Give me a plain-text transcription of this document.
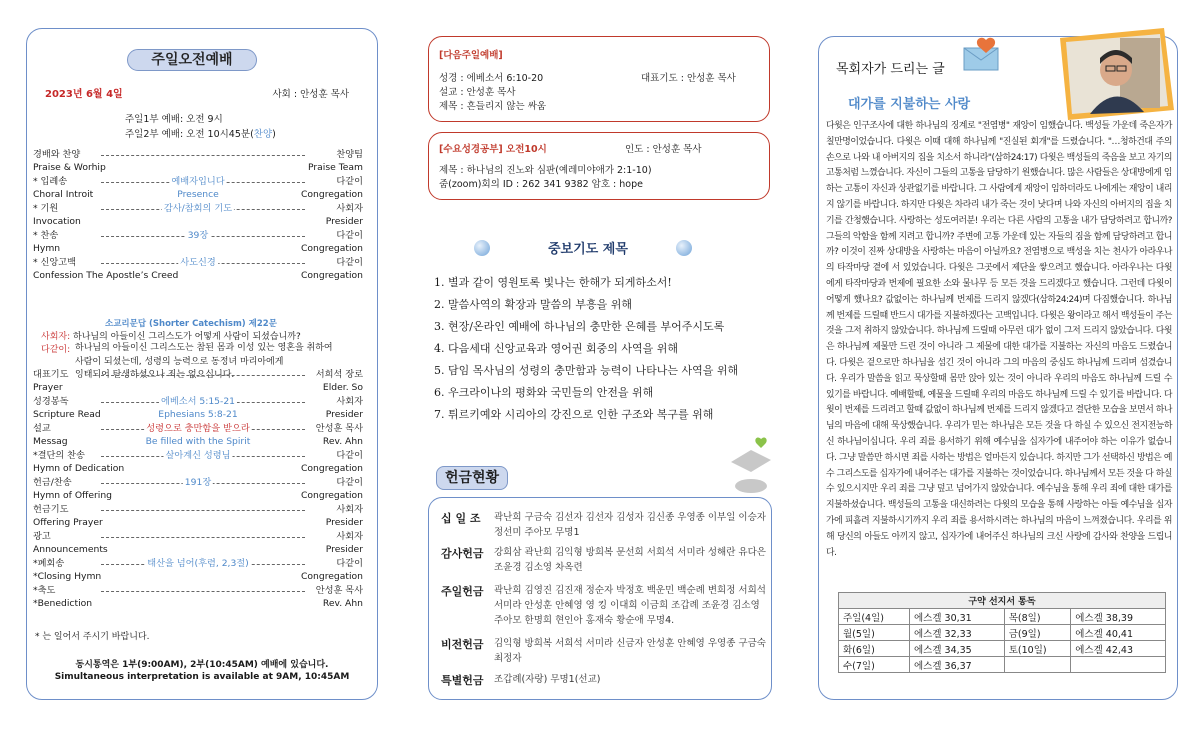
주일오전예배
2023년 6월 4일	사회 : 안성훈 목사
주일1부 예배: 오전 9시
주일2부 예배: 오전 10시45분(찬양)
경배와 찬양	찬양팀
Praise & Worhip	Praise Team
* 입례송	예배자입니다	다같이
Choral Introit	Presence	Congregation
* 기원	감사/참회의 기도	사회자
Invocation	Presider
* 찬송	39장	다같이
Hymn	Congregation
* 신앙고백	사도신경	다같이
Confession The Apostle’s Creed	Congregation
소교리문답 (Shorter Catechism) 제22문
사회자: 하나님의 아들이신 그리스도가 어떻게 사람이 되셨습니까?
다같이: 하나님의 아들이신 그리스도는 참된 몸과 이성 있는 영혼을 취하여
사람이 되셨는데, 성령의 능력으로 동정녀 마리아에게
잉태되어 탄생하셨으나 죄는 없으십니다.
대표기도	서희석 장로
Prayer	Elder. So
성경봉독	에베소서 5:15-21	사회자
Scripture Read	Ephesians 5:8-21	Presider
설교	성령으로 충만함을 받으라	안성훈 목사
Messag	Be filled with the Spirit	Rev. Ahn
*결단의 찬송	살아계신 성령님	다같이
Hymn of Dedication	Congregation
헌금/찬송	191장	다같이
Hymn of Offering	Congregation
헌금기도	사회자
Offering Prayer	Presider
광고	사회자
Announcements	Presider
*폐회송	태산을 넘어(후렴, 2,3절)	다같이
*Closing Hymn	Congregation
*축도	안성훈 목사
*Benediction	Rev. Ahn
* 는 일어서 주시기 바랍니다.
동시통역은 1부(9:00AM), 2부(10:45AM) 예배에 있습니다.
Simultaneous interpretation is available at 9AM, 10:45AM
[다음주일예배]
성경 : 에베소서 6:10-20	대표기도 : 안성훈 목사
설교 : 안성훈 목사
제목 : 흔들리지 않는 싸움
[수요성경공부] 오전10시	인도 : 안성훈 목사
제목 : 하나님의 진노와 심판(예레미야애가 2:1-10)
줌(zoom)회의 ID : 262 341 9382 암호 : hope
중보기도 제목
1. 별과 같이 영원토록 빛나는 한해가 되게하소서!
2. 말씀사역의 확장과 말씀의 부흥을 위해
3. 현장/온라인 예배에 하나님의 충만한 은혜를 부어주시도록
4. 다음세대 신앙교육과 영어권 회중의 사역을 위해
5. 담임 목사님의 성령의 충만함과 능력이 나타나는 사역을 위해
6. 우크라이나의 평화와 국민들의 안전을 위해
7. 튀르키예와 시리아의 강진으로 인한 구조와 복구를 위해
헌금현황
십 일 조 곽난희 구금숙 김선자 김선자 김성자 김신종 우영종 이부일 이승자 정선미 주아모 무명1
감사헌금 강희삼 곽난희 김익형 방희복 문선희 서희석 서미라 성해란 유다은 조윤경 김소영 차옥련
주일헌금 곽난희 김영진 김진재 정순자 박정호 백운민 백순례 변희정 서희석 서미라 안성훈 안혜영 영 킹 이대희 이금희 조갑례 조윤경 김소영 주아모 한명희 현인아 홍재숙 황순애 무명4.
비전헌금 김익형 방희복 서희석 서미라 신금자 안성훈 안혜영 우영종 구금숙 최정자
특별헌금 조갑례(자랑) 무명1(선교)
목회자가 드리는 글
대가를 지불하는 사랑

다윗은 인구조사에 대한 하나님의 징계로 "전염병" 재앙이 임했습니다. 백성들 가운데 죽은자가 칠만명이었습니다. 다윗은 이때 대해 하나님께 "진실된 회개"를 드렸습니다. "…청하건대 주의 손으로 나와 내 아버지의 집을 치소서 하니라"(삼하24:17) 다윗은 백성들의 죽음을 보고 자기의 고통처럼 느꼈습니다. 자신이 그들의 고통을 담당하기 원했습니다. 많은 사람들은 상대방에게 임하는 고통이 자신과 상관없기를 바랍니다. 그 사람에게 재앙이 임하더라도 나에게는 재앙이 내리지 않기를 바랍니다. 하지만 다윗은 차라리 내가 죽는 것이 낫다며 나와 자신의 아버지의 집을 치기를 간청했습니다. 사랑하는 성도여러분! 우리는 다른 사람의 고통을 내가 담당하려고 합니까? 그들의 악함을 함께 지려고 합니까? 주변에 고통 가운데 있는 자들의 짐을 함께 담당하려고 합니까? 이것이 진짜 상대방을 사랑하는 마음이 아닐까요? 전염병으로 백성을 치는 천사가 아라우나의 타작마당 곁에 서 있었습니다. 다윗은 그곳에서 제단을 쌓으려고 했습니다. 아라우나는 다윗에게 타작마당과 번제에 필요한 소와 물나무 등 모든 것을 드리겠다고 했습니다. 그런데 다윗이 어떻게 했나요? 값없이는 하나님께 번제를 드리지 않겠다(삼하24:24)며 다짐했습니다. 하나님께 번제를 드릴때 반드시 대가를 지불하겠다는 고백입니다. 다윗은 왕이라고 해서 백성들이 주는 것을 그저 취하지 않았습니다. 하나님께 드릴때 아무런 대가 없이 그저 드리지 않았습니다. 다윗은 하나님께 제물만 드린 것이 아니라 그 제물에 대한 대가를 지불하는 자신의 마음도 드렸습니다. 다윗은 겉으로만 하나님을 섬긴 것이 아니라 그의 마음의 중심도 하나님께 드리며 섬겼습니다. 우리가 말씀을 읽고 묵상할때 몸만 앉아 있는 것이 아니라 우리의 마음도 하나님께 드릴 수 있기를 바랍니다. 예배할때, 예물을 드릴때 우리의 마음도 하나님께 드릴 수 있기를 바랍니다. 다윗이 번제를 드리려고 할때 값없이 하나님께 번제를 드리지 않겠다고 결단한 모습을 보면서 하나님의 마음에 대해 묵상했습니다. 우리가 믿는 하나님은 모든 것을 다 하실 수 있으신 전지전능하신 하나님이십니다. 우리 죄를 용서하기 위해 예수님을 십자가에 내주어야 하는 이유가 없습니다. 그냥 말씀만 하시면 죄를 사하는 방법은 얼마든지 있습니다. 하지만 그가 선택하신 방법은 예수 그리스도를 십자가에 내어주는 대가를 지불하는 것이었습니다. 하나님께서 모든 것을 다 하실 수 있으시지만 우리 죄를 그냥 덮고 넘어가지 않았습니다. 예수님을 통해 우리 죄에 대한 대가를 지불하셨습니다. 백성들의 고통을 대신하려는 다윗의 모습을 통해 사랑하는 아들 예수님을 십자가에 피흘려 지불하시기까지 우리 죄를 용서하시려는 하나님의 마음이 느껴졌습니다. 우리를 위해 당신의 아들도 아끼지 않고, 십자가에 내어주신 하나님의 크신 사랑에 감사와 찬양을 드립니다.

구약 선지서 통독			
주일(4일)	에스겔 30,31	목(8일)	에스겔 38,39
월(5일)	에스겔 32,33	금(9일)	에스겔 40,41
화(6일)	에스겔 34,35	토(10일)	에스겔 42,43
수(7일)	에스겔 36,37		
